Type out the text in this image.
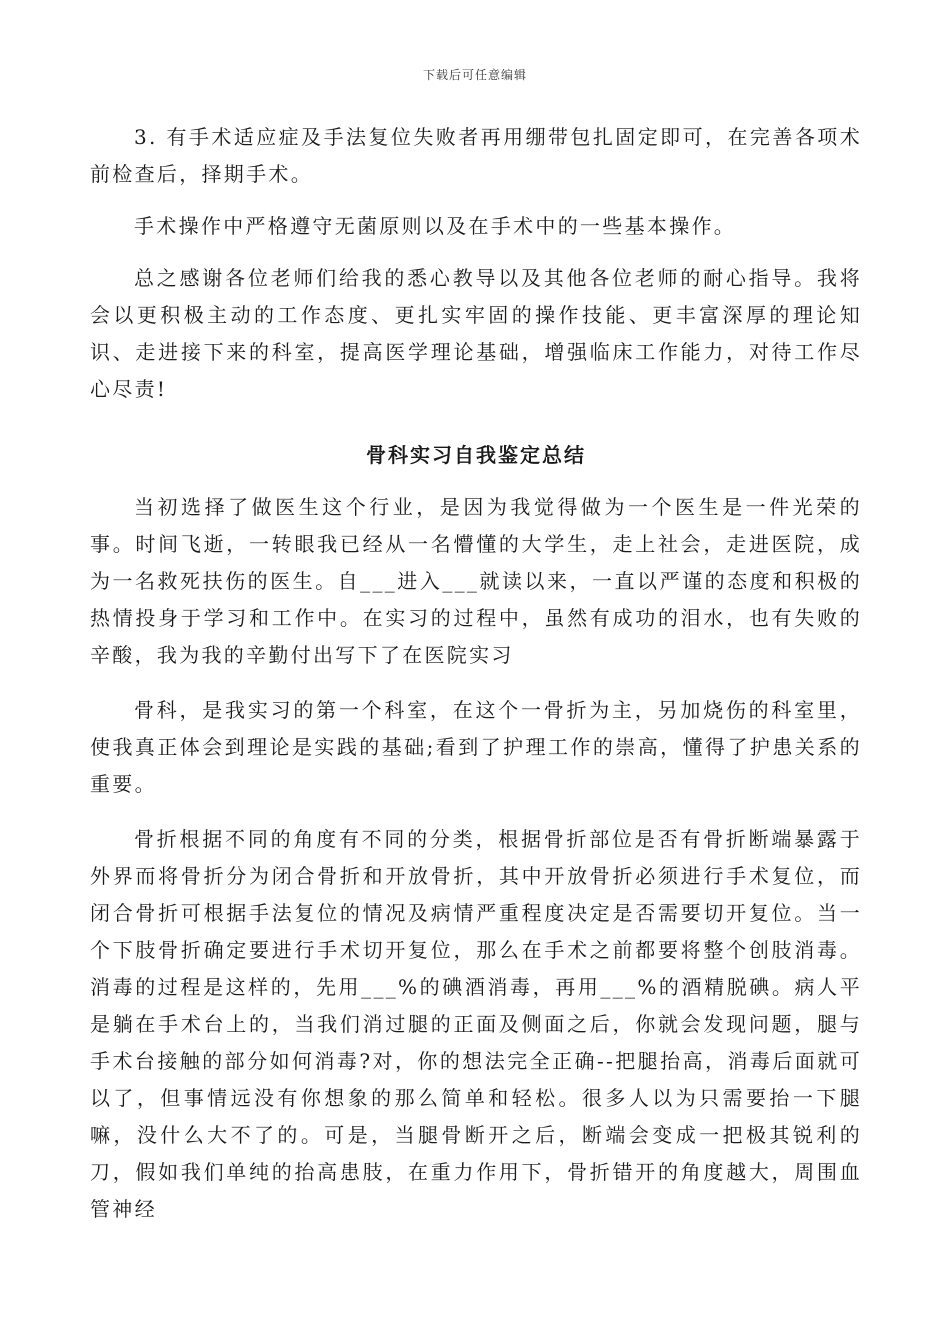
下载后可任意编辑

3. 有手术适应症及手法复位失败者再用绷带包扎固定即可，在完善各项术前检查后，择期手术。

手术操作中严格遵守无菌原则以及在手术中的一些基本操作。

总之感谢各位老师们给我的悉心教导以及其他各位老师的耐心指导。我将会以更积极主动的工作态度、更扎实牢固的操作技能、更丰富深厚的理论知识、走进接下来的科室，提高医学理论基础，增强临床工作能力，对待工作尽心尽责!

骨科实习自我鉴定总结

当初选择了做医生这个行业，是因为我觉得做为一个医生是一件光荣的事。时间飞逝，一转眼我已经从一名懵懂的大学生，走上社会，走进医院，成为一名救死扶伤的医生。自___进入___就读以来，一直以严谨的态度和积极的热情投身于学习和工作中。在实习的过程中，虽然有成功的泪水，也有失败的辛酸，我为我的辛勤付出写下了在医院实习

骨科，是我实习的第一个科室，在这个一骨折为主，另加烧伤的科室里，使我真正体会到理论是实践的基础;看到了护理工作的崇高，懂得了护患关系的重要。

骨折根据不同的角度有不同的分类，根据骨折部位是否有骨折断端暴露于外界而将骨折分为闭合骨折和开放骨折，其中开放骨折必须进行手术复位，而闭合骨折可根据手法复位的情况及病情严重程度决定是否需要切开复位。当一个下肢骨折确定要进行手术切开复位，那么在手术之前都要将整个创肢消毒。消毒的过程是这样的，先用___%的碘酒消毒，再用___%的酒精脱碘。病人平是躺在手术台上的，当我们消过腿的正面及侧面之后，你就会发现问题，腿与手术台接触的部分如何消毒?对，你的想法完全正确--把腿抬高，消毒后面就可以了，但事情远没有你想象的那么简单和轻松。很多人以为只需要抬一下腿嘛，没什么大不了的。可是，当腿骨断开之后，断端会变成一把极其锐利的刀，假如我们单纯的抬高患肢，在重力作用下，骨折错开的角度越大，周围血管神经
